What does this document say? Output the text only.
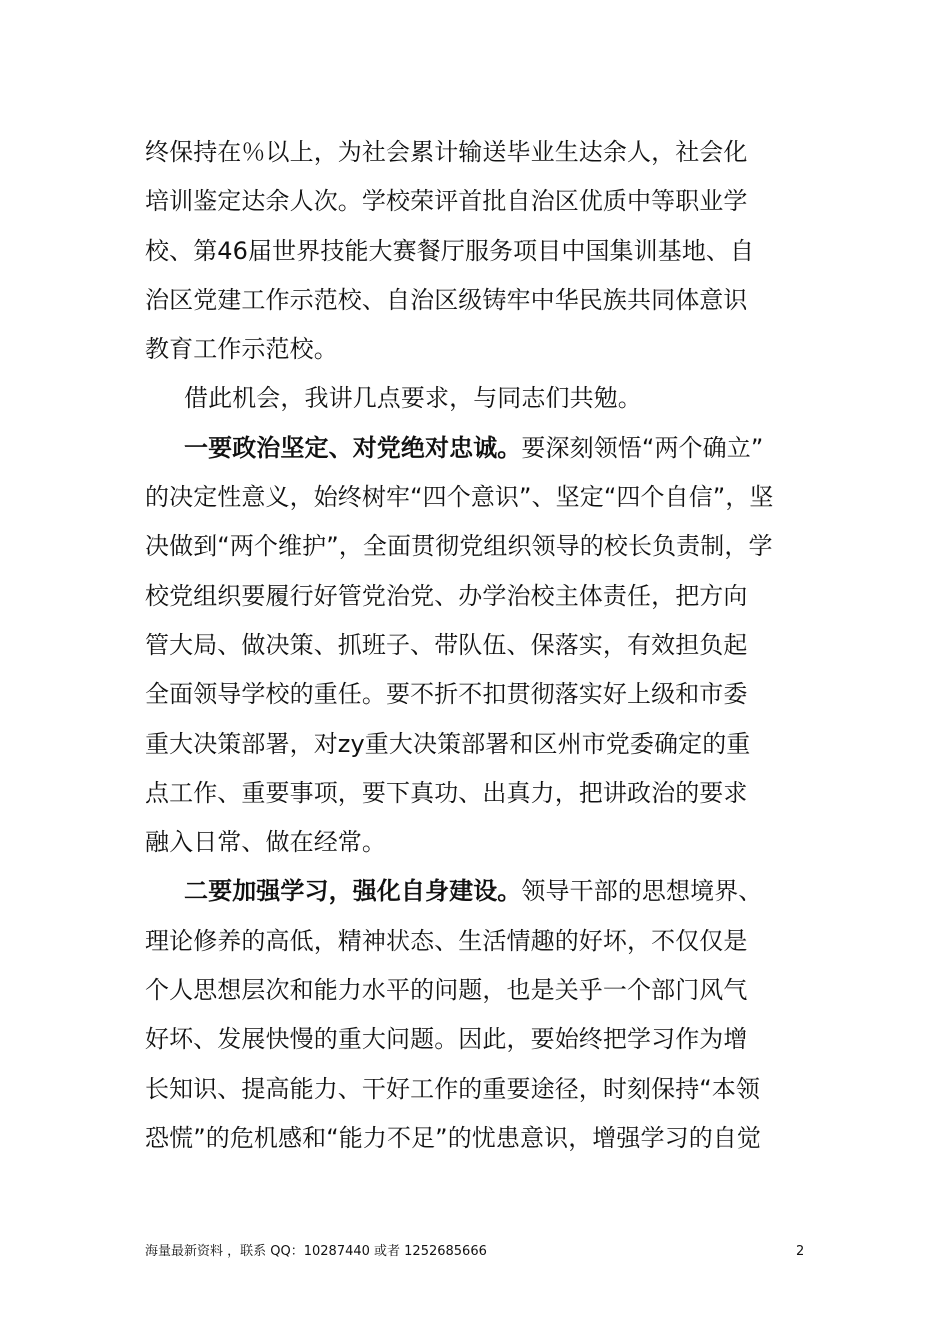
终保持在％以上，为社会累计输送毕业生达余人，社会化
培训鉴定达余人次。学校荣评首批自治区优质中等职业学
校、第46届世界技能大赛餐厅服务项目中国集训基地、自
治区党建工作示范校、自治区级铸牢中华民族共同体意识
教育工作示范校。
借此机会，我讲几点要求，与同志们共勉。
一要政治坚定、对党绝对忠诚。要深刻领悟“两个确立”
的决定性意义，始终树牢“四个意识”、坚定“四个自信”，坚
决做到“两个维护”，全面贯彻党组织领导的校长负责制，学
校党组织要履行好管党治党、办学治校主体责任，把方向
管大局、做决策、抓班子、带队伍、保落实，有效担负起
全面领导学校的重任。要不折不扣贯彻落实好上级和市委
重大决策部署，对zy重大决策部署和区州市党委确定的重
点工作、重要事项，要下真功、出真力，把讲政治的要求
融入日常、做在经常。
二要加强学习，强化自身建设。领导干部的思想境界、
理论修养的高低，精神状态、生活情趣的好坏，不仅仅是
个人思想层次和能力水平的问题，也是关乎一个部门风气
好坏、发展快慢的重大问题。因此，要始终把学习作为增
长知识、提高能力、干好工作的重要途径，时刻保持“本领
恐慌”的危机感和“能力不足”的忧患意识，增强学习的自觉
海量最新资料 ，联系 QQ：10287440 或者 1252685666	2
